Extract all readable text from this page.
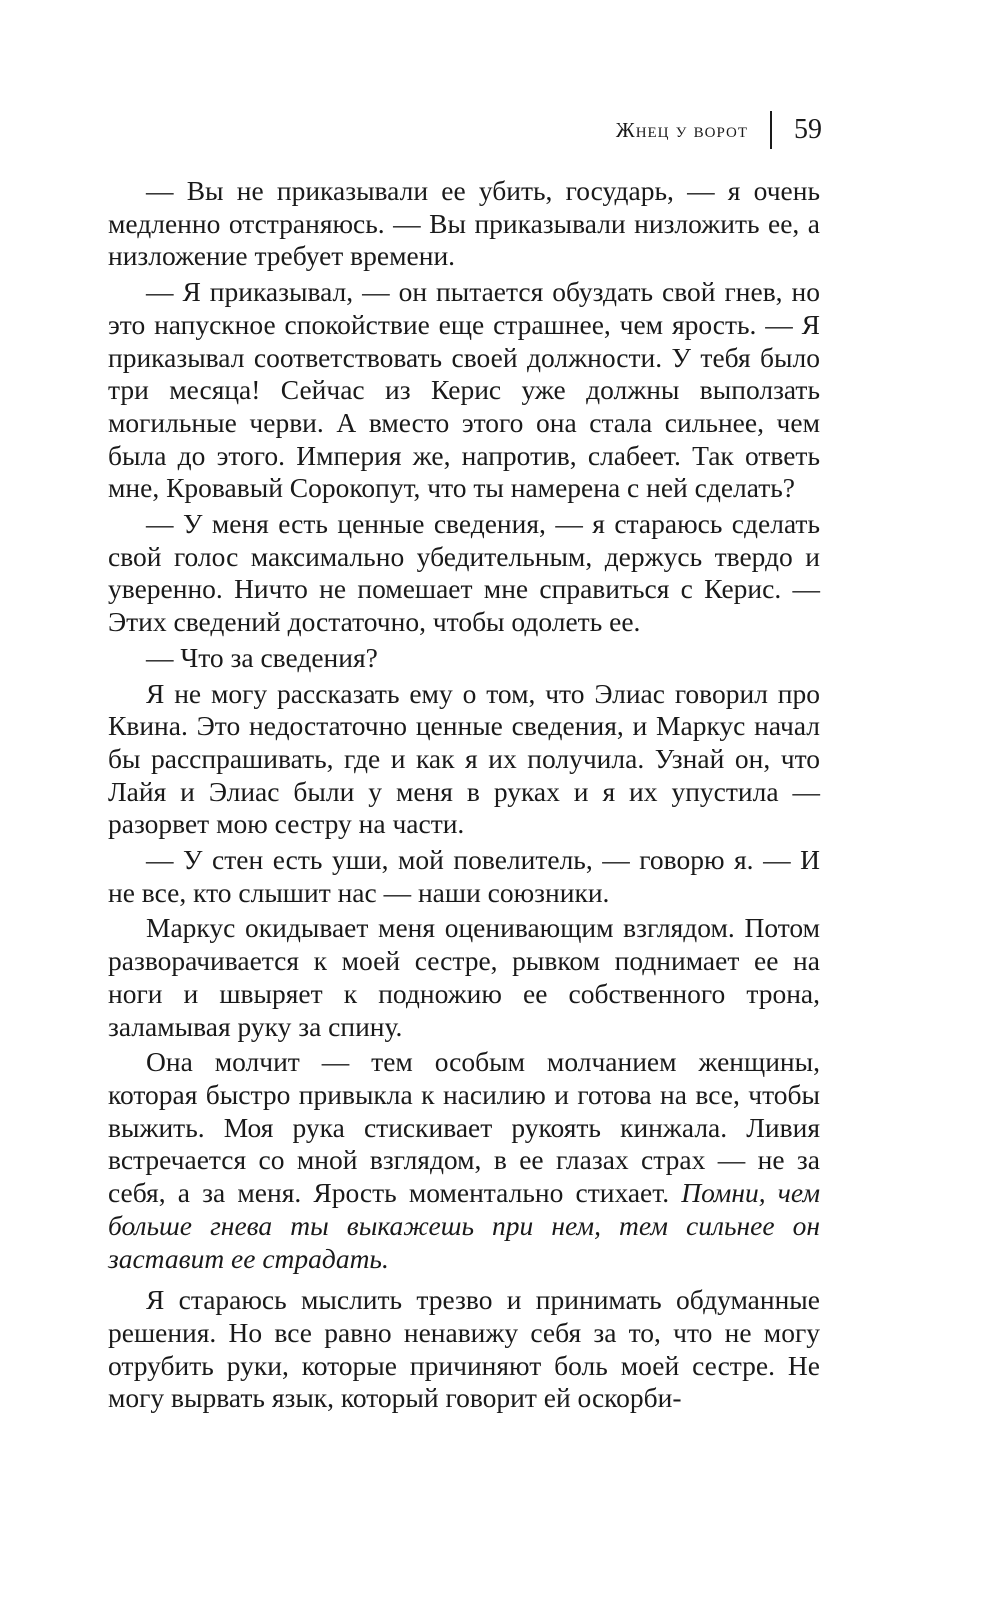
Жнец у ворот 59

— Вы не приказывали ее убить, государь, — я очень медленно отстраняюсь. — Вы приказывали низложить ее, а низложение требует времени.

— Я приказывал, — он пытается обуздать свой гнев, но это напускное спокойствие еще страшнее, чем ярость. — Я приказывал соответствовать своей должности. У тебя было три месяца! Сейчас из Керис уже должны выползать могильные черви. А вместо этого она стала сильнее, чем была до этого. Империя же, напротив, слабеет. Так ответь мне, Кровавый Сорокопут, что ты намерена с ней сделать?

— У меня есть ценные сведения, — я стараюсь сделать свой голос максимально убедительным, держусь твердо и уверенно. Ничто не помешает мне справиться с Керис. — Этих сведений достаточно, чтобы одолеть ее.

— Что за сведения?

Я не могу рассказать ему о том, что Элиас говорил про Квина. Это недостаточно ценные сведения, и Маркус начал бы расспрашивать, где и как я их получила. Узнай он, что Лайя и Элиас были у меня в руках и я их упустила — разорвет мою сестру на части.

— У стен есть уши, мой повелитель, — говорю я. — И не все, кто слышит нас — наши союзники.

Маркус окидывает меня оценивающим взглядом. Потом разворачивается к моей сестре, рывком поднимает ее на ноги и швыряет к подножию ее собственного трона, заламывая руку за спину.

Она молчит — тем особым молчанием женщины, которая быстро привыкла к насилию и готова на все, чтобы выжить. Моя рука стискивает рукоять кинжала. Ливия встречается со мной взглядом, в ее глазах страх — не за себя, а за меня. Ярость моментально стихает. Помни, чем больше гнева ты выкажешь при нем, тем сильнее он заставит ее страдать.

Я стараюсь мыслить трезво и принимать обдуманные решения. Но все равно ненавижу себя за то, что не могу отрубить руки, которые причиняют боль моей сестре. Не могу вырвать язык, который говорит ей оскорби-
